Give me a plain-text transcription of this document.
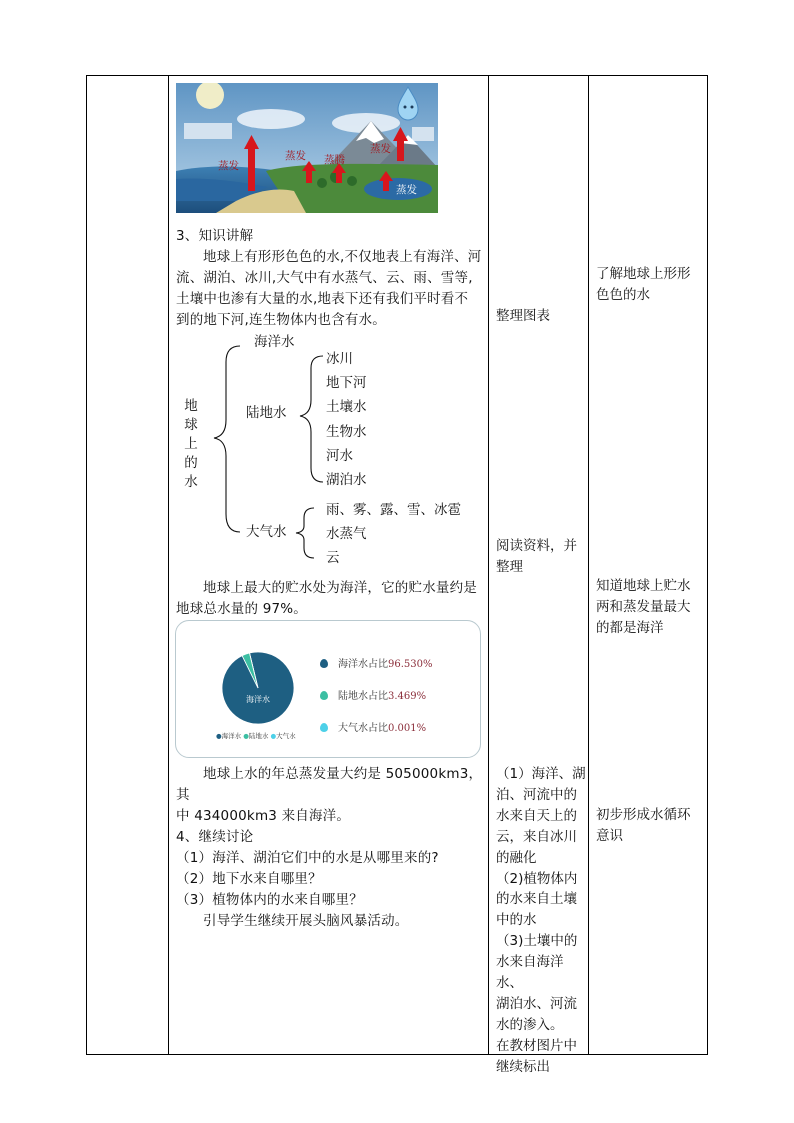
蒸发
蒸发 蒸腾
蒸发
蒸发
3、知识讲解
地球上有形形色色的水,不仅地表上有海洋、河
流、湖泊、冰川,大气中有水蒸气、云、雨、雪等,
土壤中也渗有大量的水,地表下还有我们平时看不
到的地下河,连生物体内也含有水。
地
球
上
的
水
海洋水
陆地水
冰川
地下河
土壤水
生物水
河水
湖泊水
大气水
雨、雾、露、雪、冰雹
水蒸气
云
地球上最大的贮水处为海洋，它的贮水量约是
地球总水量的 97%。
海洋水
海洋水占比96.530%
陆地水占比3.469%
大气水占比0.001%
●海洋水 ●陆地水 ●大气水
地球上水的年总蒸发量大约是 505000km3，其
中 434000km3 来自海洋。
4、继续讨论
（1）海洋、湖泊它们中的水是从哪里来的?
（2）地下水来自哪里？
（3）植物体内的水来自哪里？
引导学生继续开展头脑风暴活动。
整理图表
阅读资料，并
整理
（1）海洋、湖
泊、河流中的
水来自天上的
云，来自冰川
的融化
（2)植物体内
的水来自土壤
中的水
（3)土壤中的
水来自海洋水、
湖泊水、河流
水的渗入。
在教材图片中
继续标出
了解地球上形形
色色的水
知道地球上贮水
两和蒸发量最大
的都是海洋
初步形成水循环
意识
